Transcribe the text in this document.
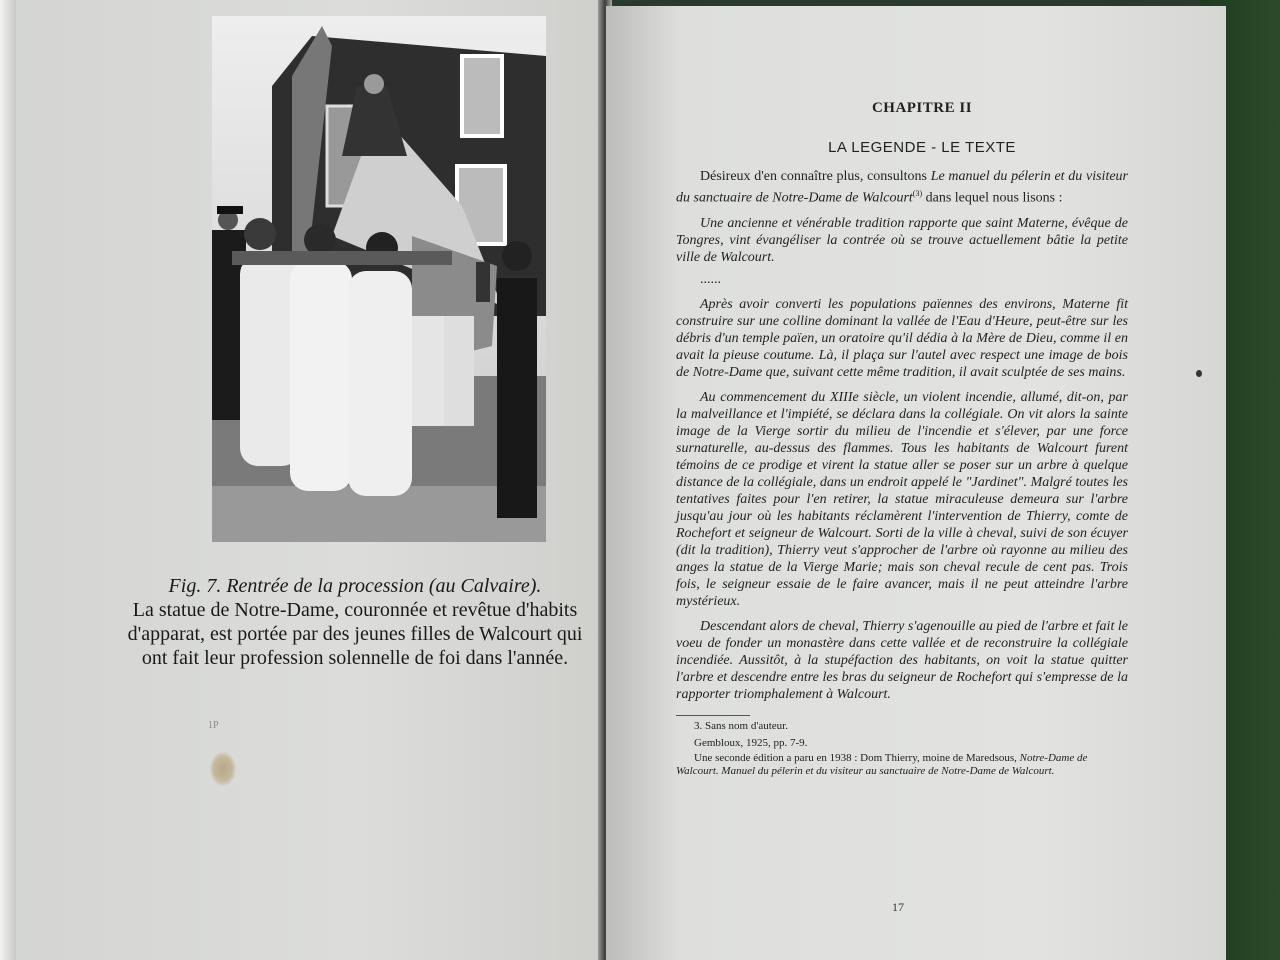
Fig. 7. Rentrée de la procession (au Calvaire).
La statue de Notre-Dame, couronnée et revêtue d'habits d'apparat, est portée par des jeunes filles de Walcourt qui ont fait leur profession solennelle de foi dans l'année.
1P
CHAPITRE II
LA LEGENDE - LE TEXTE
Désireux d'en connaître plus, consultons Le manuel du pélerin et du visiteur du sanctuaire de Notre-Dame de Walcourt$^{(3)}$ dans lequel nous lisons :
Une ancienne et vénérable tradition rapporte que saint Materne, évêque de Tongres, vint évangéliser la contrée où se trouve actuellement bâtie la petite ville de Walcourt.
......
Après avoir converti les populations païennes des environs, Materne fit construire sur une colline dominant la vallée de l'Eau d'Heure, peut-être sur les débris d'un temple païen, un oratoire qu'il dédia à la Mère de Dieu, comme il en avait la pieuse coutume. Là, il plaça sur l'autel avec respect une image de bois de Notre-Dame que, suivant cette même tradition, il avait sculptée de ses mains.
Au commencement du XIIIe siècle, un violent incendie, allumé, dit-on, par la malveillance et l'impiété, se déclara dans la collégiale. On vit alors la sainte image de la Vierge sortir du milieu de l'incendie et s'élever, par une force surnaturelle, au-dessus des flammes. Tous les habitants de Walcourt furent témoins de ce prodige et virent la statue aller se poser sur un arbre à quelque distance de la collégiale, dans un endroit appelé le "Jardinet". Malgré toutes les tentatives faites pour l'en retirer, la statue miraculeuse demeura sur l'arbre jusqu'au jour où les habitants réclamèrent l'intervention de Thierry, comte de Rochefort et seigneur de Walcourt. Sorti de la ville à cheval, suivi de son écuyer (dit la tradition), Thierry veut s'approcher de l'arbre où rayonne au milieu des anges la statue de la Vierge Marie; mais son cheval recule de cent pas. Trois fois, le seigneur essaie de le faire avancer, mais il ne peut atteindre l'arbre mystérieux.
Descendant alors de cheval, Thierry s'agenouille au pied de l'arbre et fait le voeu de fonder un monastère dans cette vallée et de reconstruire la collégiale incendiée. Aussitôt, à la stupéfaction des habitants, on voit la statue quitter l'arbre et descendre entre les bras du seigneur de Rochefort qui s'empresse de la rapporter triomphalement à Walcourt.
3. Sans nom d'auteur.
Gembloux, 1925, pp. 7-9.
Une seconde édition a paru en 1938 : Dom Thierry, moine de Maredsous, Notre-Dame de Walcourt. Manuel du pélerin et du visiteur au sanctuaire de Notre-Dame de Walcourt.
17
